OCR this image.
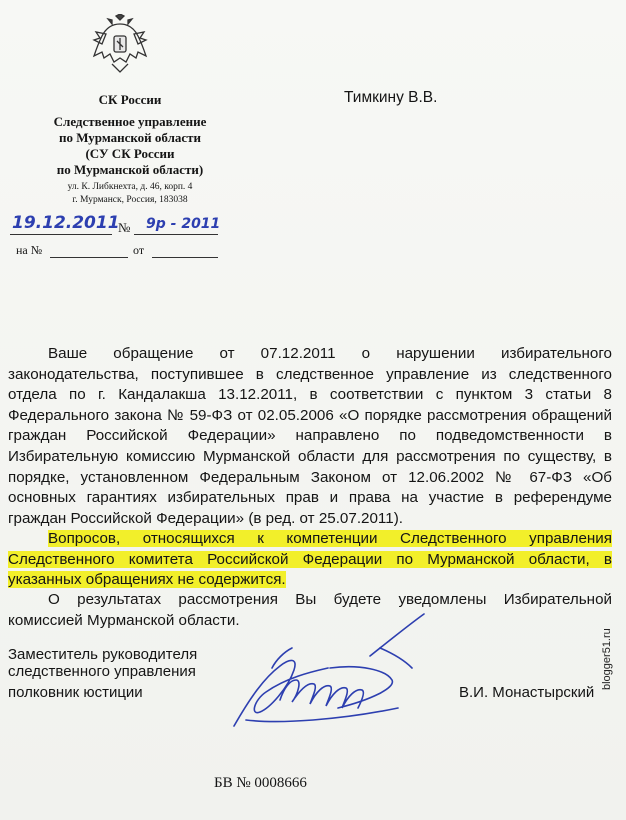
СК России
Следственное управление
по Мурманской области
(СУ СК России
по Мурманской области)
ул. К. Либкнехта, д. 46, корп. 4
г. Мурманск, Россия, 183038
19.12.2011
№ 9р - 2011
на №	от
Тимкину В.В.

Ваше обращение от 07.12.2011 о нарушении избирательного законодательства, поступившее в следственное управление из следственного отдела по г. Кандалакша 13.12.2011, в соответствии с пунктом 3 статьи 8 Федерального закона № 59-ФЗ от 02.05.2006 «О порядке рассмотрения обращений граждан Российской Федерации» направлено по подведомственности в Избирательную комиссию Мурманской области для рассмотрения по существу, в порядке, установленном Федеральным Законом от 12.06.2002 № 67-ФЗ «Об основных гарантиях избирательных прав и права на участие в референдуме граждан Российской Федерации» (в ред. от 25.07.2011).

Вопросов, относящихся к компетенции Следственного управления
Следственного комитета Российской Федерации по Мурманской области, в
указанных обращениях не содержится.

О результатах рассмотрения Вы будете уведомлены Избирательной комиссией Мурманской области.

Заместитель руководителя
следственного управления
полковник юстиции	В.И. Монастырский
БВ № 0008666
blogger51.ru
